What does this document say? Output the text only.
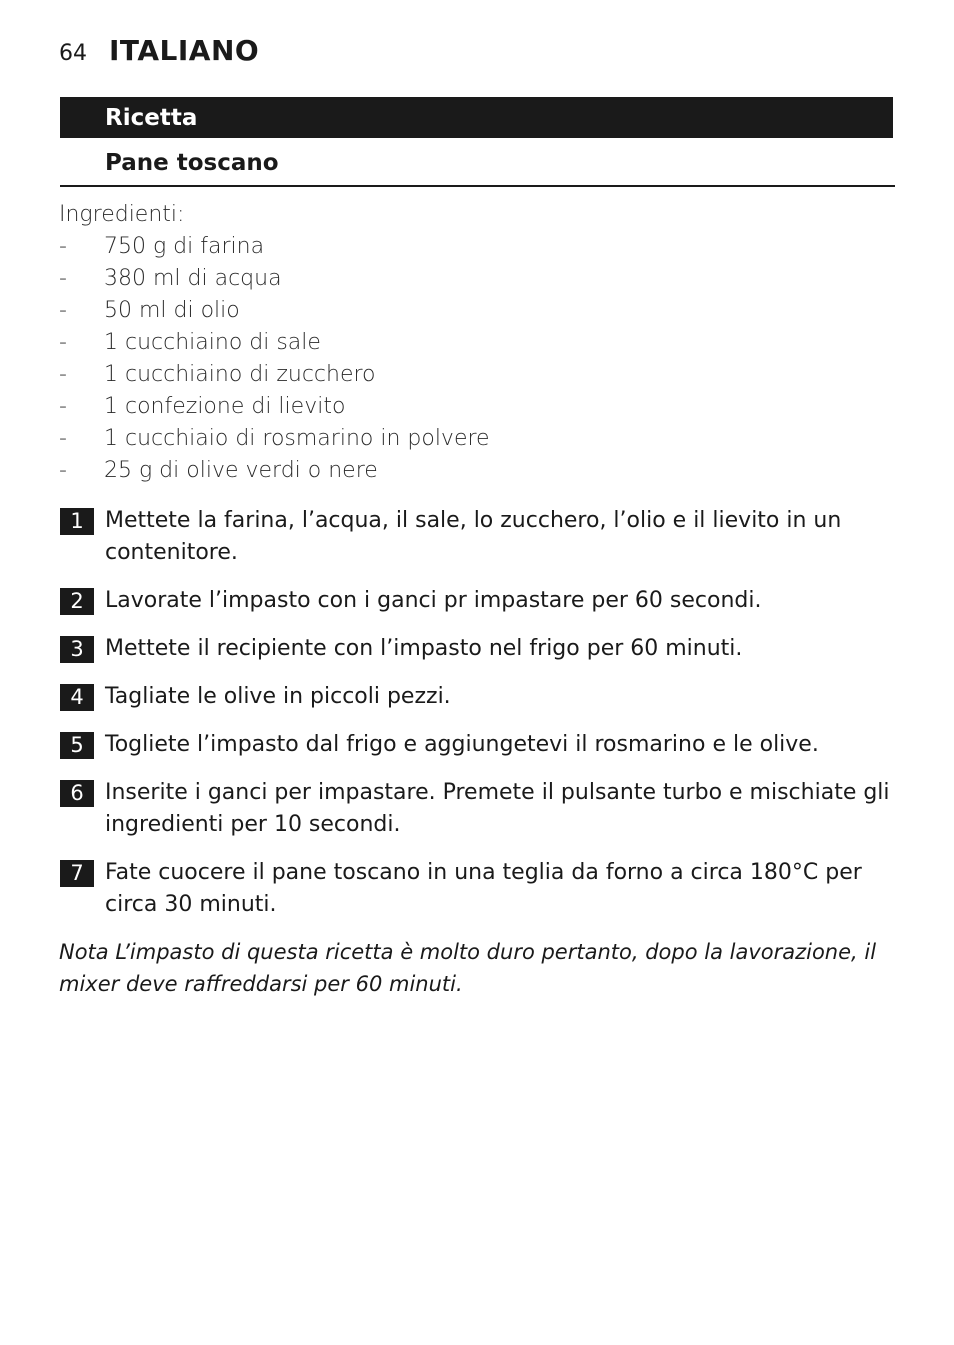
64 ITALIANO
Ricetta
Pane toscano
Ingredienti:
- 750 g di farina
- 380 ml di acqua
- 50 ml di olio
- 1 cucchiaino di sale
- 1 cucchiaino di zucchero
- 1 confezione di lievito
- 1 cucchiaio di rosmarino in polvere
- 25 g di olive verdi o nere
1 Mettete la farina, l’acqua, il sale, lo zucchero, l’olio e il lievito in un contenitore.
2 Lavorate l’impasto con i ganci pr impastare per 60 secondi.
3 Mettete il recipiente con l’impasto nel frigo per 60 minuti.
4 Tagliate le olive in piccoli pezzi.
5 Togliete l’impasto dal frigo e aggiungetevi il rosmarino e le olive.
6 Inserite i ganci per impastare. Premete il pulsante turbo e mischiate gli ingredienti per 10 secondi.
7 Fate cuocere il pane toscano in una teglia da forno a circa 180°C per circa 30 minuti.
Nota L’impasto di questa ricetta è molto duro pertanto, dopo la lavorazione, il mixer deve raffreddarsi per 60 minuti.
